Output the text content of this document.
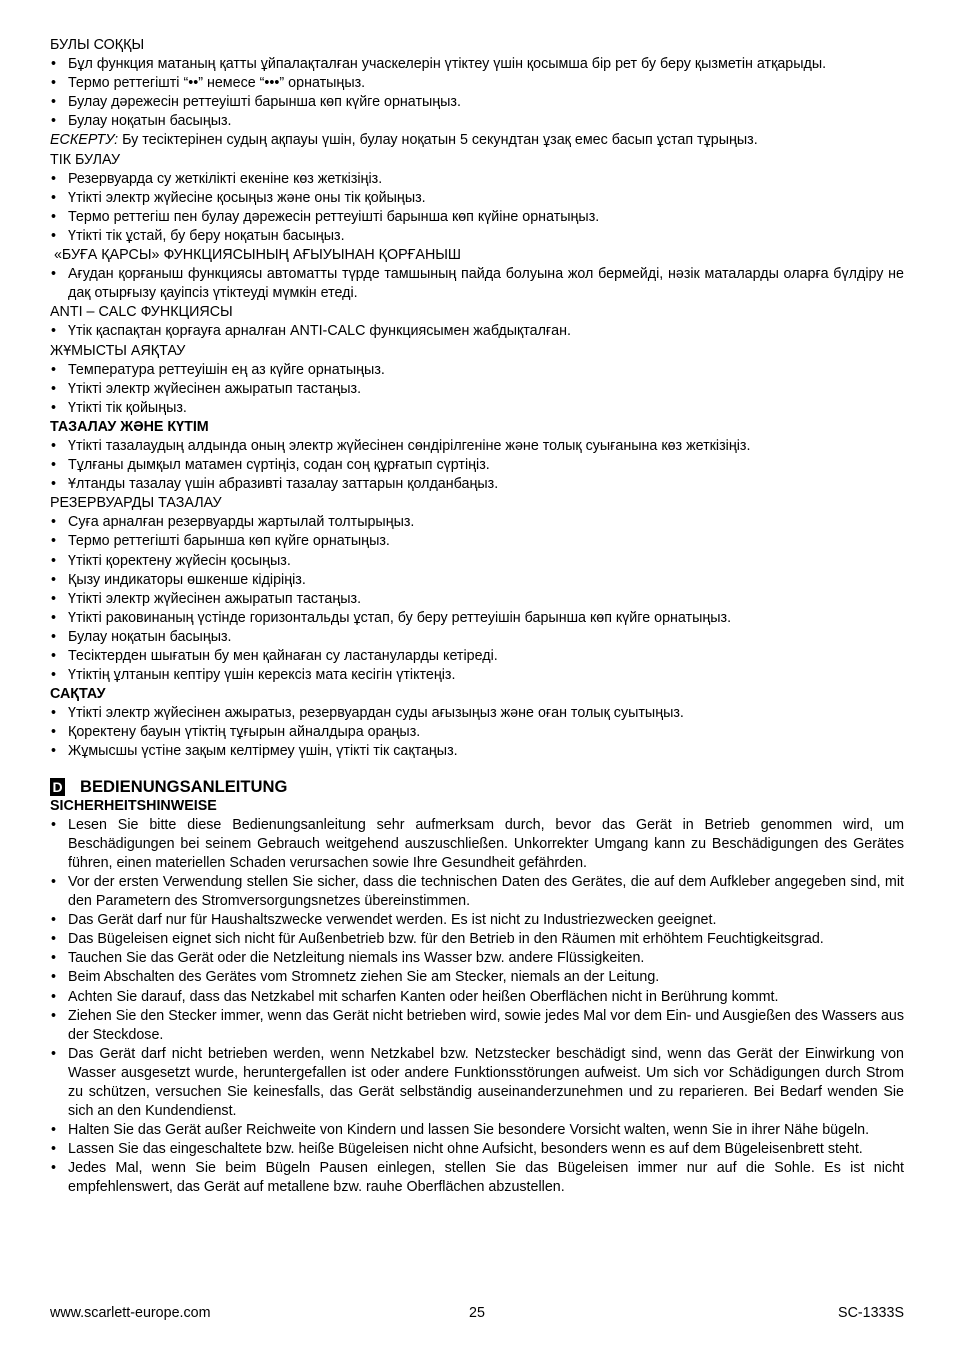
БУЛЫ СОҚҚЫ

• Бұл функция матаның қатты ұйпалақталған учаскелерін үтіктеу үшін қосымша бір рет бу беру қызметін атқарыды.
• Термо реттегішті “••” немесе “•••” орнатыңыз.
• Булау дәрежесін реттеуішті барынша көп күйге орнатыңыз.
• Булау ноқатын басыңыз.

ЕСКЕРТУ: Бу тесіктерінен судың ақпауы үшін, булау ноқатын 5 секундтан ұзақ емес басып ұстап тұрыңыз.

ТІК БУЛАУ

• Резервуарда су жеткілікті екеніне көз жеткізіңіз.
• Үтікті электр жүйесіне қосыңыз және оны тік қойыңыз.
• Термо реттегіш пен булау дәрежесін реттеуішті барынша көп күйіне орнатыңыз.
• Үтікті тік ұстай, бу беру ноқатын басыңыз.

«БУҒА ҚАРСЫ» ФУНКЦИЯСЫНЫҢ АҒЫУЫНАН ҚОРҒАНЫШ

• Ағудан қорғаныш функциясы автоматты түрде тамшының пайда болуына жол бермейді, нәзік маталарды оларға бүлдіру не дақ отырғызу қауіпсіз үтіктеуді мүмкін етеді.

ANTI – CALC ФУНКЦИЯСЫ

• Үтік қаспақтан қорғауға арналған ANTI-CALC функциясымен жабдықталған.

ЖҰМЫСТЫ АЯҚТАУ

• Температура реттеуішін ең аз күйге орнатыңыз.
• Үтікті электр жүйесінен ажыратып тастаңыз.
• Үтікті тік қойыңыз.

ТАЗАЛАУ ЖӘНЕ КҮТІМ

• Үтікті тазалаудың алдында оның электр жүйесінен сөндірілгеніне және толық суығанына көз жеткізіңіз.
• Тұлғаны дымқыл матамен сүртіңіз, содан соң құрғатып сүртіңіз.
• Ұлтанды тазалау үшін абразивті тазалау заттарын қолданбаңыз.

РЕЗЕРВУАРДЫ ТАЗАЛАУ

• Суға арналған резервуарды жартылай толтырыңыз.
• Термо реттегішті барынша көп күйге орнатыңыз.
• Үтікті қоректену жүйесін қосыңыз.
• Қызу индикаторы өшкенше кідіріңіз.
• Үтікті электр жүйесінен ажыратып тастаңыз.
• Үтікті раковинаның үстінде горизонтальды ұстап, бу беру реттеуішін барынша көп күйге орнатыңыз.
• Булау ноқатын басыңыз.
• Тесіктерден шығатын бу мен қайнаған су ластануларды кетіреді.
• Үтіктің ұлтанын кептіру үшін керексіз мата кесігін үтіктеңіз.

САҚТАУ

• Үтікті электр жүйесінен ажыратыз, резервуардан суды ағызыңыз және оған толық суытыңыз.
• Қоректену бауын үтіктің тұғырын айналдыра ораңыз.
• Жұмысшы үстіне зақым келтірмеу үшін, үтікті тік сақтаңыз.
D BEDIENUNGSANLEITUNG

SICHERHEITSHINWEISE

• Lesen Sie bitte diese Bedienungsanleitung sehr aufmerksam durch, bevor das Gerät in Betrieb genommen wird, um Beschädigungen bei seinem Gebrauch weitgehend auszuschließen. Unkorrekter Umgang kann zu Beschädigungen des Gerätes führen, einen materiellen Schaden verursachen sowie Ihre Gesundheit gefährden.
• Vor der ersten Verwendung stellen Sie sicher, dass die technischen Daten des Gerätes, die auf dem Aufkleber angegeben sind, mit den Parametern des Stromversorgungsnetzes übereinstimmen.
• Das Gerät darf nur für Haushaltszwecke verwendet werden. Es ist nicht zu Industriezwecken geeignet.
• Das Bügeleisen eignet sich nicht für Außenbetrieb bzw. für den Betrieb in den Räumen mit erhöhtem Feuchtigkeitsgrad.
• Tauchen Sie das Gerät oder die Netzleitung niemals ins Wasser bzw. andere Flüssigkeiten.
• Beim Abschalten des Gerätes vom Stromnetz ziehen Sie am Stecker, niemals an der Leitung.
• Achten Sie darauf, dass das Netzkabel mit scharfen Kanten oder heißen Oberflächen nicht in Berührung kommt.
• Ziehen Sie den Stecker immer, wenn das Gerät nicht betrieben wird, sowie jedes Mal vor dem Ein- und Ausgießen des Wassers aus der Steckdose.
• Das Gerät darf nicht betrieben werden, wenn Netzkabel bzw. Netzstecker beschädigt sind, wenn das Gerät der Einwirkung von Wasser ausgesetzt wurde, heruntergefallen ist oder andere Funktionsstörungen aufweist. Um sich vor Schädigungen durch Strom zu schützen, versuchen Sie keinesfalls, das Gerät selbständig auseinanderzunehmen und zu reparieren. Bei Bedarf wenden Sie sich an den Kundendienst.
• Halten Sie das Gerät außer Reichweite von Kindern und lassen Sie besondere Vorsicht walten, wenn Sie in ihrer Nähe bügeln.
• Lassen Sie das eingeschaltete bzw. heiße Bügeleisen nicht ohne Aufsicht, besonders wenn es auf dem Bügeleisenbrett steht.
• Jedes Mal, wenn Sie beim Bügeln Pausen einlegen, stellen Sie das Bügeleisen immer nur auf die Sohle. Es ist nicht empfehlenswert, das Gerät auf metallene bzw. rauhe Oberflächen abzustellen.
www.scarlett-europe.com	25	SC-1333S
